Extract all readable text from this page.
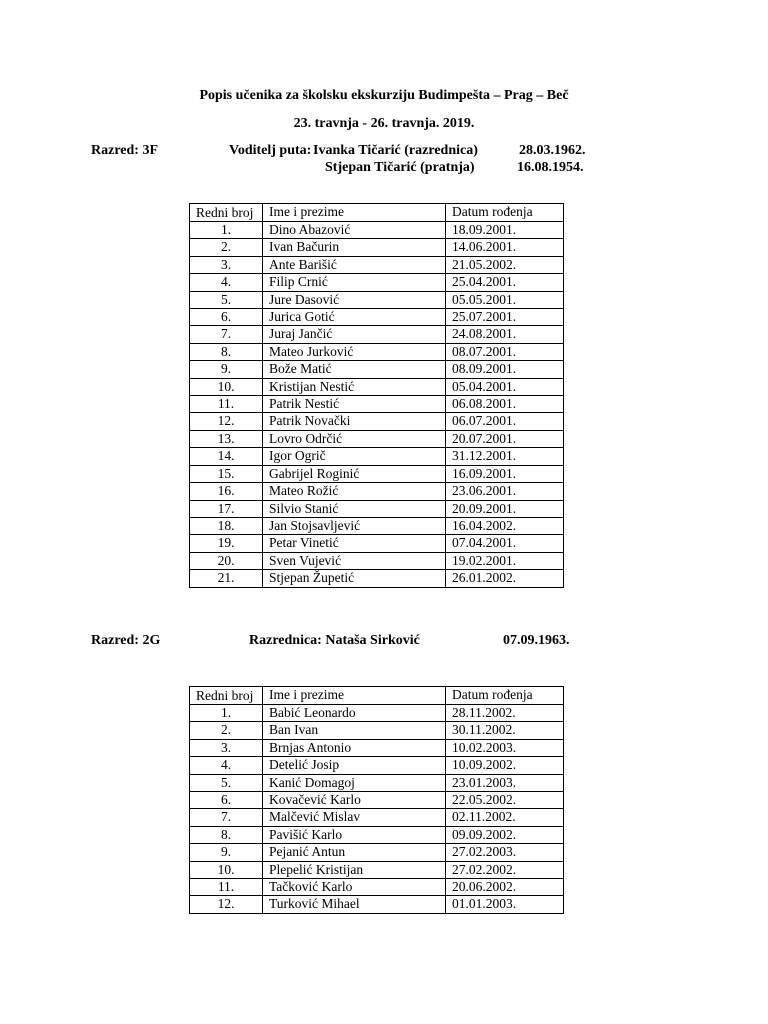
Popis učenika za školsku ekskurziju Budimpešta – Prag – Beč
23. travnja - 26. travnja. 2019.
Razred: 3F	Voditelj puta: Ivanka Tičarić (razrednica)	28.03.1962.
Stjepan Tičarić (pratnja)	16.08.1954.
Redni broj	Ime i prezime	Datum rođenja
1.	Dino Abazović	18.09.2001.
2.	Ivan Bačurin	14.06.2001.
3.	Ante Barišić	21.05.2002.
4.	Filip Crnić	25.04.2001.
5.	Jure Dasović	05.05.2001.
6.	Jurica Gotić	25.07.2001.
7.	Juraj Jančić	24.08.2001.
8.	Mateo Jurković	08.07.2001.
9.	Bože Matić	08.09.2001.
10.	Kristijan Nestić	05.04.2001.
11.	Patrik Nestić	06.08.2001.
12.	Patrik Novački	06.07.2001.
13.	Lovro Odrčić	20.07.2001.
14.	Igor Ogrič	31.12.2001.
15.	Gabrijel Roginić	16.09.2001.
16.	Mateo Rožić	23.06.2001.
17.	Silvio Stanić	20.09.2001.
18.	Jan Stojsavljević	16.04.2002.
19.	Petar Vinetić	07.04.2001.
20.	Sven Vujević	19.02.2001.
21.	Stjepan Župetić	26.01.2002.
Razred: 2G	Razrednica: Nataša Sirković	07.09.1963.
Redni broj	Ime i prezime	Datum rođenja
1.	Babić Leonardo	28.11.2002.
2.	Ban Ivan	30.11.2002.
3.	Brnjas Antonio	10.02.2003.
4.	Detelić Josip	10.09.2002.
5.	Kanić Domagoj	23.01.2003.
6.	Kovačević Karlo	22.05.2002.
7.	Malčević Mislav	02.11.2002.
8.	Pavišić Karlo	09.09.2002.
9.	Pejanić Antun	27.02.2003.
10.	Plepelić Kristijan	27.02.2002.
11.	Tačković Karlo	20.06.2002.
12.	Turković Mihael	01.01.2003.
